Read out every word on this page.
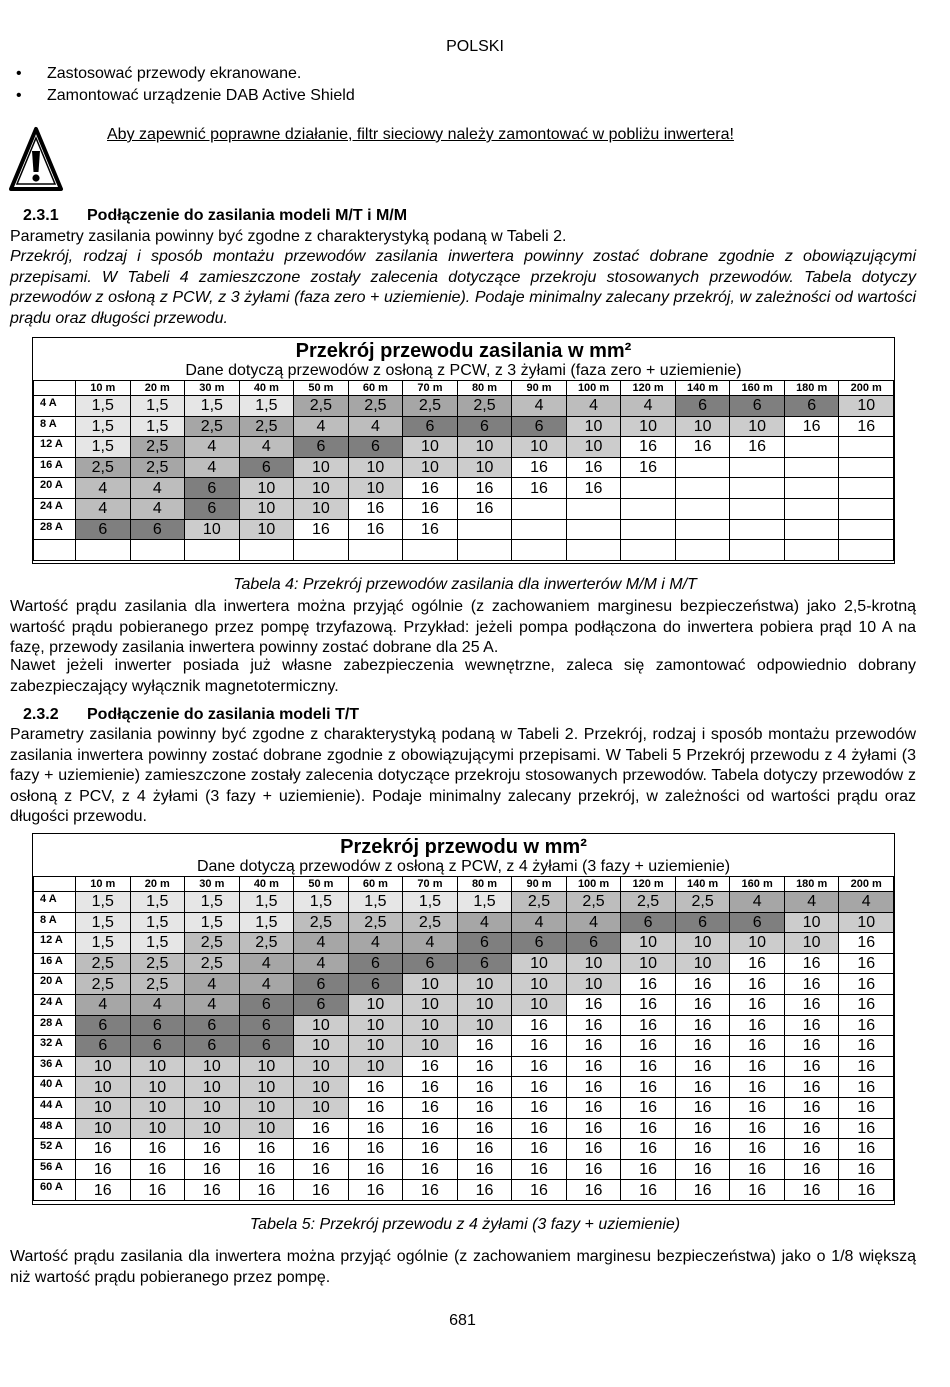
POLSKI
•	Zastosować przewody ekranowane.
•	Zamontować urządzenie DAB Active Shield
Aby zapewnić poprawne działanie, filtr sieciowy należy zamontować w pobliżu inwertera!
2.3.1 Podłączenie do zasilania modeli M/T i M/M
Parametry zasilania powinny być zgodne z charakterystyką podaną w Tabeli 2.
Przekrój, rodzaj i sposób montażu przewodów zasilania inwertera powinny zostać dobrane zgodnie z obowiązującymi przepisami. W Tabeli 4 zamieszczone zostały zalecenia dotyczące przekroju stosowanych przewodów. Tabela dotyczy przewodów z osłoną z PCW, z 3 żyłami (faza zero + uziemienie). Podaje minimalny zalecany przekrój, w zależności od wartości prądu oraz długości przewodu.
Przekrój przewodu zasilania w mm²
Dane dotyczą przewodów z osłoną z PCW, z 3 żyłami (faza zero + uziemienie)
	10 m	20 m	30 m	40 m	50 m	60 m	70 m	80 m	90 m	100 m	120 m	140 m	160 m	180 m	200 m
4 A	1,5	1,5	1,5	1,5	2,5	2,5	2,5	2,5	4	4	4	6	6	6	10
8 A	1,5	1,5	2,5	2,5	4	4	6	6	6	10	10	10	10	16	16
12 A	1,5	2,5	4	4	6	6	10	10	10	10	16	16	16		
16 A	2,5	2,5	4	6	10	10	10	10	16	16	16				
20 A	4	4	6	10	10	10	16	16	16	16					
24 A	4	4	6	10	10	16	16	16							
28 A	6	6	10	10	16	16	16								

Tabela 4: Przekrój przewodów zasilania dla inwerterów M/M i M/T
Wartość prądu zasilania dla inwertera można przyjąć ogólnie (z zachowaniem marginesu bezpieczeństwa) jako 2,5-krotną wartość prądu pobieranego przez pompę trzyfazową. Przykład: jeżeli pompa podłączona do inwertera pobiera prąd 10 A na fazę, przewody zasilania inwertera powinny zostać dobrane dla 25 A.
Nawet jeżeli inwerter posiada już własne zabezpieczenia wewnętrzne, zaleca się zamontować odpowiednio dobrany zabezpieczający wyłącznik magnetotermiczny.
2.3.2 Podłączenie do zasilania modeli T/T
Parametry zasilania powinny być zgodne z charakterystyką podaną w Tabeli 2. Przekrój, rodzaj i sposób montażu przewodów zasilania inwertera powinny zostać dobrane zgodnie z obowiązującymi przepisami. W Tabeli 5 Przekrój przewodu z 4 żyłami (3 fazy + uziemienie) zamieszczone zostały zalecenia dotyczące przekroju stosowanych przewodów. Tabela dotyczy przewodów z osłoną z PCV, z 4 żyłami (3 fazy + uziemienie). Podaje minimalny zalecany przekrój, w zależności od wartości prądu oraz długości przewodu.
Przekrój przewodu w mm²
Dane dotyczą przewodów z osłoną z PCW, z 4 żyłami (3 fazy + uziemienie)
	10 m	20 m	30 m	40 m	50 m	60 m	70 m	80 m	90 m	100 m	120 m	140 m	160 m	180 m	200 m
4 A	1,5	1,5	1,5	1,5	1,5	1,5	1,5	1,5	2,5	2,5	2,5	2,5	4	4	4
8 A	1,5	1,5	1,5	1,5	2,5	2,5	2,5	4	4	4	6	6	6	10	10
12 A	1,5	1,5	2,5	2,5	4	4	4	6	6	6	10	10	10	10	16
16 A	2,5	2,5	2,5	4	4	6	6	6	10	10	10	10	16	16	16
20 A	2,5	2,5	4	4	6	6	10	10	10	10	16	16	16	16	16
24 A	4	4	4	6	6	10	10	10	10	16	16	16	16	16	16
28 A	6	6	6	6	10	10	10	10	16	16	16	16	16	16	16
32 A	6	6	6	6	10	10	10	16	16	16	16	16	16	16	16
36 A	10	10	10	10	10	10	16	16	16	16	16	16	16	16	16
40 A	10	10	10	10	10	16	16	16	16	16	16	16	16	16	16
44 A	10	10	10	10	10	16	16	16	16	16	16	16	16	16	16
48 A	10	10	10	10	16	16	16	16	16	16	16	16	16	16	16
52 A	16	16	16	16	16	16	16	16	16	16	16	16	16	16	16
56 A	16	16	16	16	16	16	16	16	16	16	16	16	16	16	16
60 A	16	16	16	16	16	16	16	16	16	16	16	16	16	16	16
Tabela 5: Przekrój przewodu z 4 żyłami (3 fazy + uziemienie)
Wartość prądu zasilania dla inwertera można przyjąć ogólnie (z zachowaniem marginesu bezpieczeństwa) jako o 1/8 większą niż wartość prądu pobieranego przez pompę.
681
